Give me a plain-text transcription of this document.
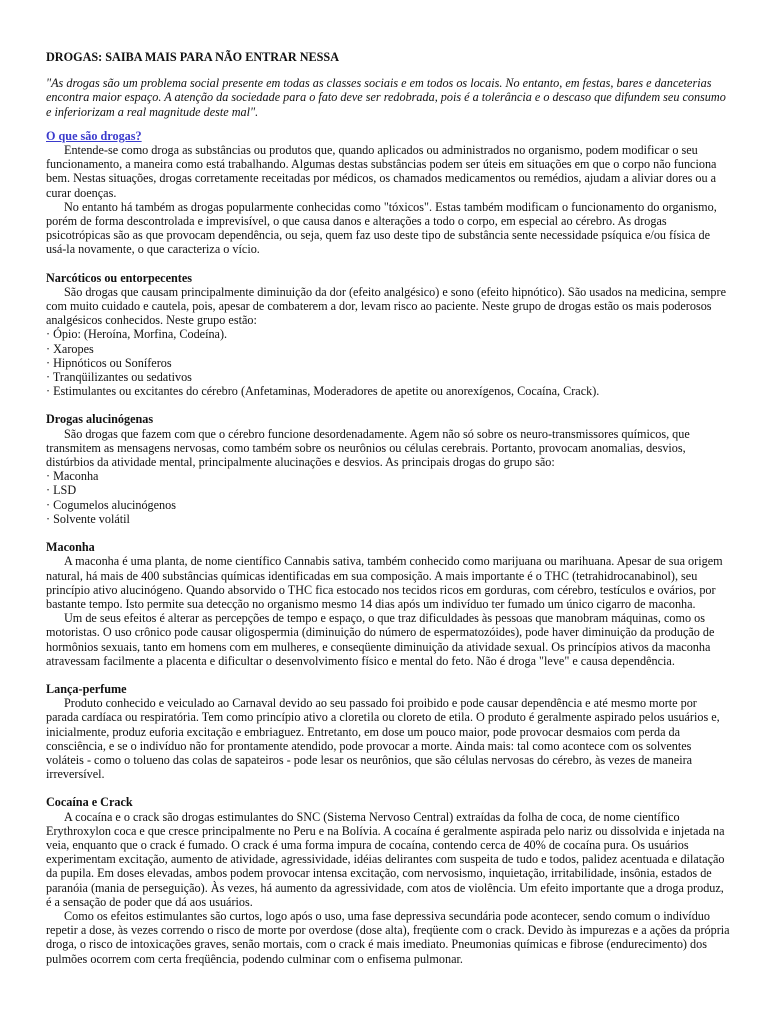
DROGAS: SAIBA MAIS PARA NÃO ENTRAR NESSA

"As drogas são um problema social presente em todas as classes sociais e em todos os locais. No entanto, em festas, bares e danceterias encontra maior espaço. A atenção da sociedade para o fato deve ser redobrada, pois é a tolerância e o descaso que difundem seu consumo e inferiorizam a real magnitude deste mal".

O que são drogas?

Entende-se como droga as substâncias ou produtos que, quando aplicados ou administrados no organismo, podem modificar o seu funcionamento, a maneira como está trabalhando. Algumas destas substâncias podem ser úteis em situações em que o corpo não funciona bem. Nestas situações, drogas corretamente receitadas por médicos, os chamados medicamentos ou remédios, ajudam a aliviar dores ou a curar doenças.

No entanto há também as drogas popularmente conhecidas como "tóxicos". Estas também modificam o funcionamento do organismo, porém de forma descontrolada e imprevisível, o que causa danos e alterações a todo o corpo, em especial ao cérebro. As drogas psicotrópicas são as que provocam dependência, ou seja, quem faz uso deste tipo de substância sente necessidade psíquica e/ou física de usá-la novamente, o que caracteriza o vício.

Narcóticos ou entorpecentes

São drogas que causam principalmente diminuição da dor (efeito analgésico) e sono (efeito hipnótico). São usados na medicina, sempre com muito cuidado e cautela, pois, apesar de combaterem a dor, levam risco ao paciente. Neste grupo de drogas estão os mais poderosos analgésicos conhecidos. Neste grupo estão:

· Ópio: (Heroína, Morfina, Codeína).
· Xaropes
· Hipnóticos ou Soníferos
· Tranqüilizantes ou sedativos
· Estimulantes ou excitantes do cérebro (Anfetaminas, Moderadores de apetite ou anorexígenos, Cocaína, Crack).

Drogas alucinógenas

São drogas que fazem com que o cérebro funcione desordenadamente. Agem não só sobre os neuro-transmissores químicos, que transmitem as mensagens nervosas, como também sobre os neurônios ou células cerebrais. Portanto, provocam anomalias, desvios, distúrbios da atividade mental, principalmente alucinações e desvios. As principais drogas do grupo são:

· Maconha
· LSD
· Cogumelos alucinógenos
· Solvente volátil

Maconha

A maconha é uma planta, de nome científico Cannabis sativa, também conhecido como marijuana ou marihuana. Apesar de sua origem natural, há mais de 400 substâncias químicas identificadas em sua composição. A mais importante é o THC (tetrahidrocanabinol), seu princípio ativo alucinógeno. Quando absorvido o THC fica estocado nos tecidos ricos em gorduras, com cérebro, testículos e ovários, por bastante tempo. Isto permite sua detecção no organismo mesmo 14 dias após um indivíduo ter fumado um único cigarro de maconha.

Um de seus efeitos é alterar as percepções de tempo e espaço, o que traz dificuldades às pessoas que manobram máquinas, como os motoristas. O uso crônico pode causar oligospermia (diminuição do número de espermatozóides), pode haver diminuição da produção de hormônios sexuais, tanto em homens com em mulheres, e conseqüente diminuição da atividade sexual. Os princípios ativos da maconha atravessam facilmente a placenta e dificultar o desenvolvimento físico e mental do feto. Não é droga "leve" e causa dependência.

Lança-perfume

Produto conhecido e veiculado ao Carnaval devido ao seu passado foi proibido e pode causar dependência e até mesmo morte por parada cardíaca ou respiratória. Tem como princípio ativo a cloretila ou cloreto de etila. O produto é geralmente aspirado pelos usuários e, inicialmente, produz euforia excitação e embriaguez. Entretanto, em dose um pouco maior, pode provocar desmaios com perda da consciência, e se o indivíduo não for prontamente atendido, pode provocar a morte. Ainda mais: tal como acontece com os solventes voláteis - como o tolueno das colas de sapateiros - pode lesar os neurônios, que são células nervosas do cérebro, às vezes de maneira irreversível.

Cocaína e Crack

A cocaína e o crack são drogas estimulantes do SNC (Sistema Nervoso Central) extraídas da folha de coca, de nome científico Erythroxylon coca e que cresce principalmente no Peru e na Bolívia. A cocaína é geralmente aspirada pelo nariz ou dissolvida e injetada na veia, enquanto que o crack é fumado. O crack é uma forma impura de cocaína, contendo cerca de 40% de cocaína pura. Os usuários experimentam excitação, aumento de atividade, agressividade, idéias delirantes com suspeita de tudo e todos, palidez acentuada e dilatação da pupila. Em doses elevadas, ambos podem provocar intensa excitação, com nervosismo, inquietação, irritabilidade, insônia, estados de paranóia (mania de perseguição). Às vezes, há aumento da agressividade, com atos de violência. Um efeito importante que a droga produz, é a sensação de poder que dá aos usuários.

Como os efeitos estimulantes são curtos, logo após o uso, uma fase depressiva secundária pode acontecer, sendo comum o indivíduo repetir a dose, às vezes correndo o risco de morte por overdose (dose alta), freqüente com o crack. Devido às impurezas e a ações da própria droga, o risco de intoxicações graves, senão mortais, com o crack é mais imediato. Pneumonias químicas e fibrose (endurecimento) dos pulmões ocorrem com certa freqüência, podendo culminar com o enfisema pulmonar.
